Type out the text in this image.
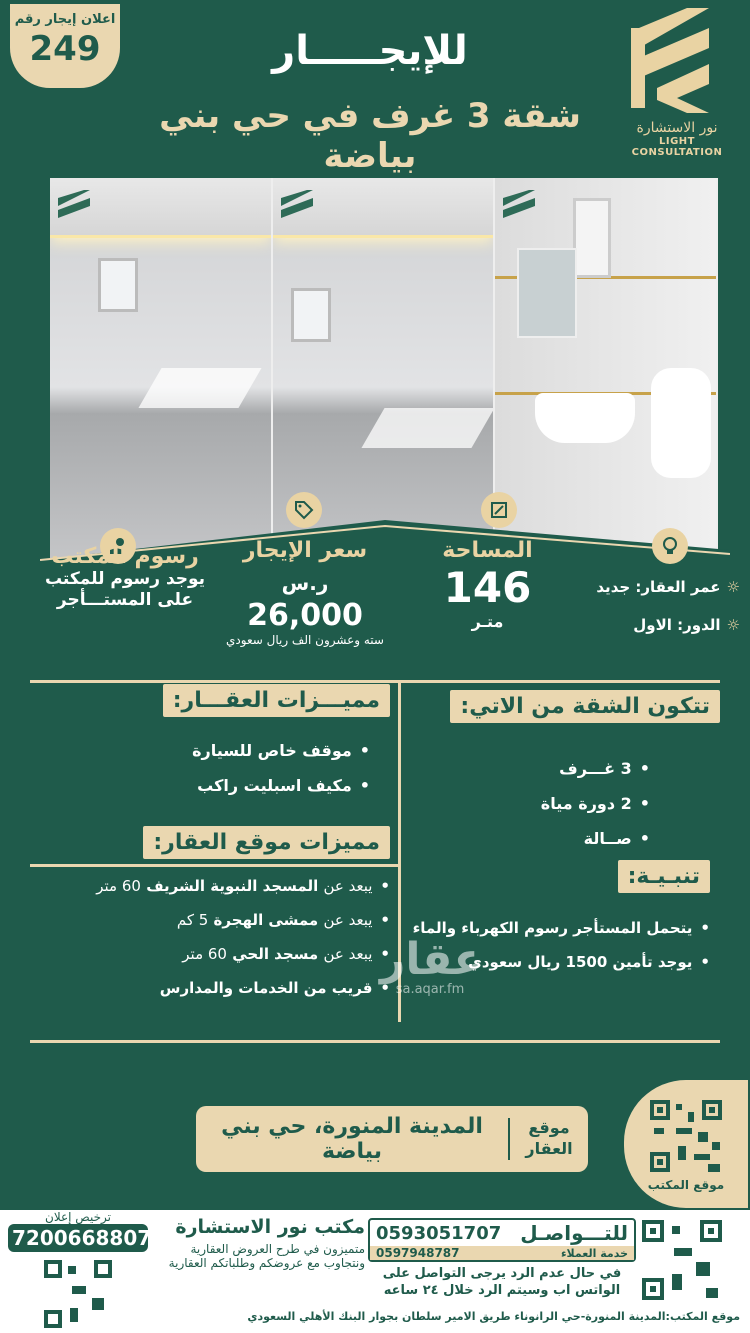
اعلان إيجار رقم
249
نور الاستشارة
LIGHT CONSULTATION
للإيجـــــار
شقة 3 غرف في حي بني بياضة
رسوم المكتب
يوجد رسوم للمكتب على المستـــأجر
سعر الإيجار
ر.س 26,000
سته وعشرون الف ريال سعودي
المساحة
146
متـر
☼
عمر العقار: جديد
☼
الدور: الاول
تتكون الشقة من الاتي:
• 3 غـــرف
• 2 دورة مياة
• صــالة
تنبـيـة:
• يتحمل المستأجر رسوم الكهرباء والماء
• يوجد تأمين 1500 ريال سعودي
مميـــزات العقـــار:
• موقف خاص للسيارة
• مكيف اسبليت راكب
مميزات موقع العقار:
• يبعد عن المسجد النبوية الشريف 60 متر
• يبعد عن ممشى الهجرة 5 كم
• يبعد عن مسجد الحي 60 متر
• قريب من الخدمات والمدارس
عقار
sa.aqar.fm
موقع العقار
المدينة المنورة، حي بني بياضة
موقع المكتب
ترخيص إعلان
7200668807	مكتب نور الاستشارة
متميزون في طرح العروض العقارية
ونتجاوب مع عروضكم وطلباتكم العقارية
للتـــواصـل
0593051707
خدمة العملاء
0597948787
في حال عدم الرد يرجى التواصل على
الواتس اب وسيتم الرد خلال ٢٤ ساعه
موقع المكتب:المدينة المنورة-حي الرانوناء طريق الامير سلطان بجوار البنك الأهلي السعودي
